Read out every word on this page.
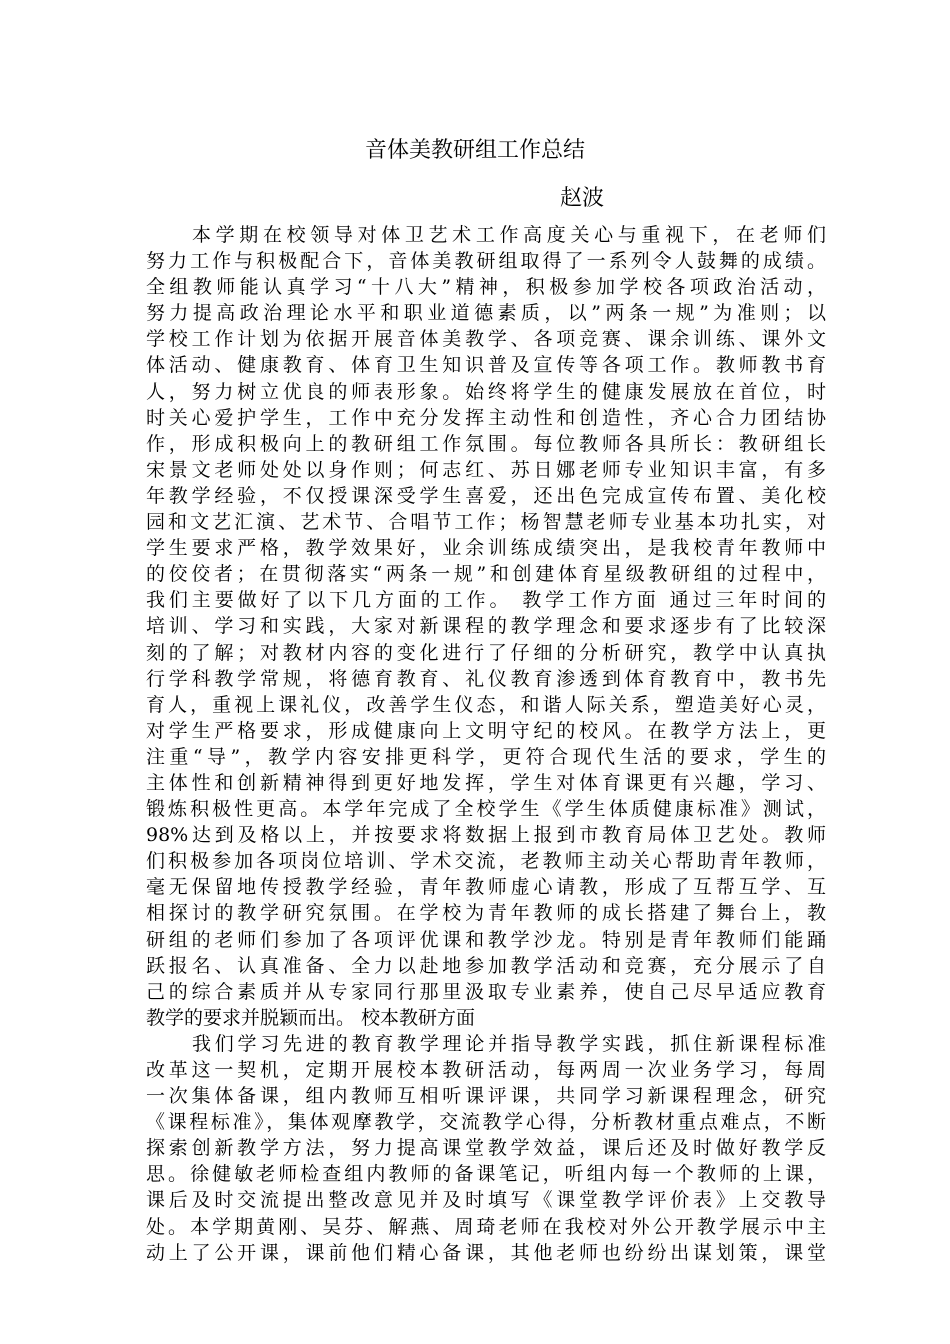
音体美教研组工作总结
赵波
本学期在校领导对体卫艺术工作高度关心与重视下，在老师们
努力工作与积极配合下，音体美教研组取得了一系列令人鼓舞的成绩。
全组教师能认真学习“十八大”精神，积极参加学校各项政治活动，
努力提高政治理论水平和职业道德素质，以”两条一规”为准则；以
学校工作计划为依据开展音体美教学、各项竞赛、课余训练、课外文
体活动、健康教育、体育卫生知识普及宣传等各项工作。教师教书育
人，努力树立优良的师表形象。始终将学生的健康发展放在首位，时
时关心爱护学生，工作中充分发挥主动性和创造性，齐心合力团结协
作，形成积极向上的教研组工作氛围。每位教师各具所长：教研组长
宋景文老师处处以身作则；何志红、苏日娜老师专业知识丰富，有多
年教学经验，不仅授课深受学生喜爱，还出色完成宣传布置、美化校
园和文艺汇演、艺术节、合唱节工作；杨智慧老师专业基本功扎实，对
学生要求严格，教学效果好，业余训练成绩突出，是我校青年教师中
的佼佼者；在贯彻落实“两条一规”和创建体育星级教研组的过程中，
我们主要做好了以下几方面的工作。 教学工作方面 通过三年时间的
培训、学习和实践，大家对新课程的教学理念和要求逐步有了比较深
刻的了解；对教材内容的变化进行了仔细的分析研究，教学中认真执
行学科教学常规，将德育教育、礼仪教育渗透到体育教育中，教书先
育人，重视上课礼仪，改善学生仪态，和谐人际关系，塑造美好心灵，
对学生严格要求，形成健康向上文明守纪的校风。在教学方法上，更
注重“导”，教学内容安排更科学，更符合现代生活的要求，学生的
主体性和创新精神得到更好地发挥，学生对体育课更有兴趣，学习、
锻炼积极性更高。本学年完成了全校学生《学生体质健康标准》测试，
98%达到及格以上，并按要求将数据上报到市教育局体卫艺处。教师
们积极参加各项岗位培训、学术交流，老教师主动关心帮助青年教师，
毫无保留地传授教学经验，青年教师虚心请教，形成了互帮互学、互
相探讨的教学研究氛围。在学校为青年教师的成长搭建了舞台上，教
研组的老师们参加了各项评优课和教学沙龙。特别是青年教师们能踊
跃报名、认真准备、全力以赴地参加教学活动和竞赛，充分展示了自
己的综合素质并从专家同行那里汲取专业素养，使自己尽早适应教育
教学的要求并脱颖而出。 校本教研方面
我们学习先进的教育教学理论并指导教学实践，抓住新课程标准
改革这一契机，定期开展校本教研活动，每两周一次业务学习，每周
一次集体备课，组内教师互相听课评课，共同学习新课程理念，研究
《课程标准》，集体观摩教学，交流教学心得，分析教材重点难点，不断
探索创新教学方法，努力提高课堂教学效益，课后还及时做好教学反
思。徐健敏老师检查组内教师的备课笔记，听组内每一个教师的上课，
课后及时交流提出整改意见并及时填写《课堂教学评价表》上交教导
处。本学期黄刚、吴芬、解燕、周琦老师在我校对外公开教学展示中主
动上了公开课，课前他们精心备课，其他老师也纷纷出谋划策，课堂
